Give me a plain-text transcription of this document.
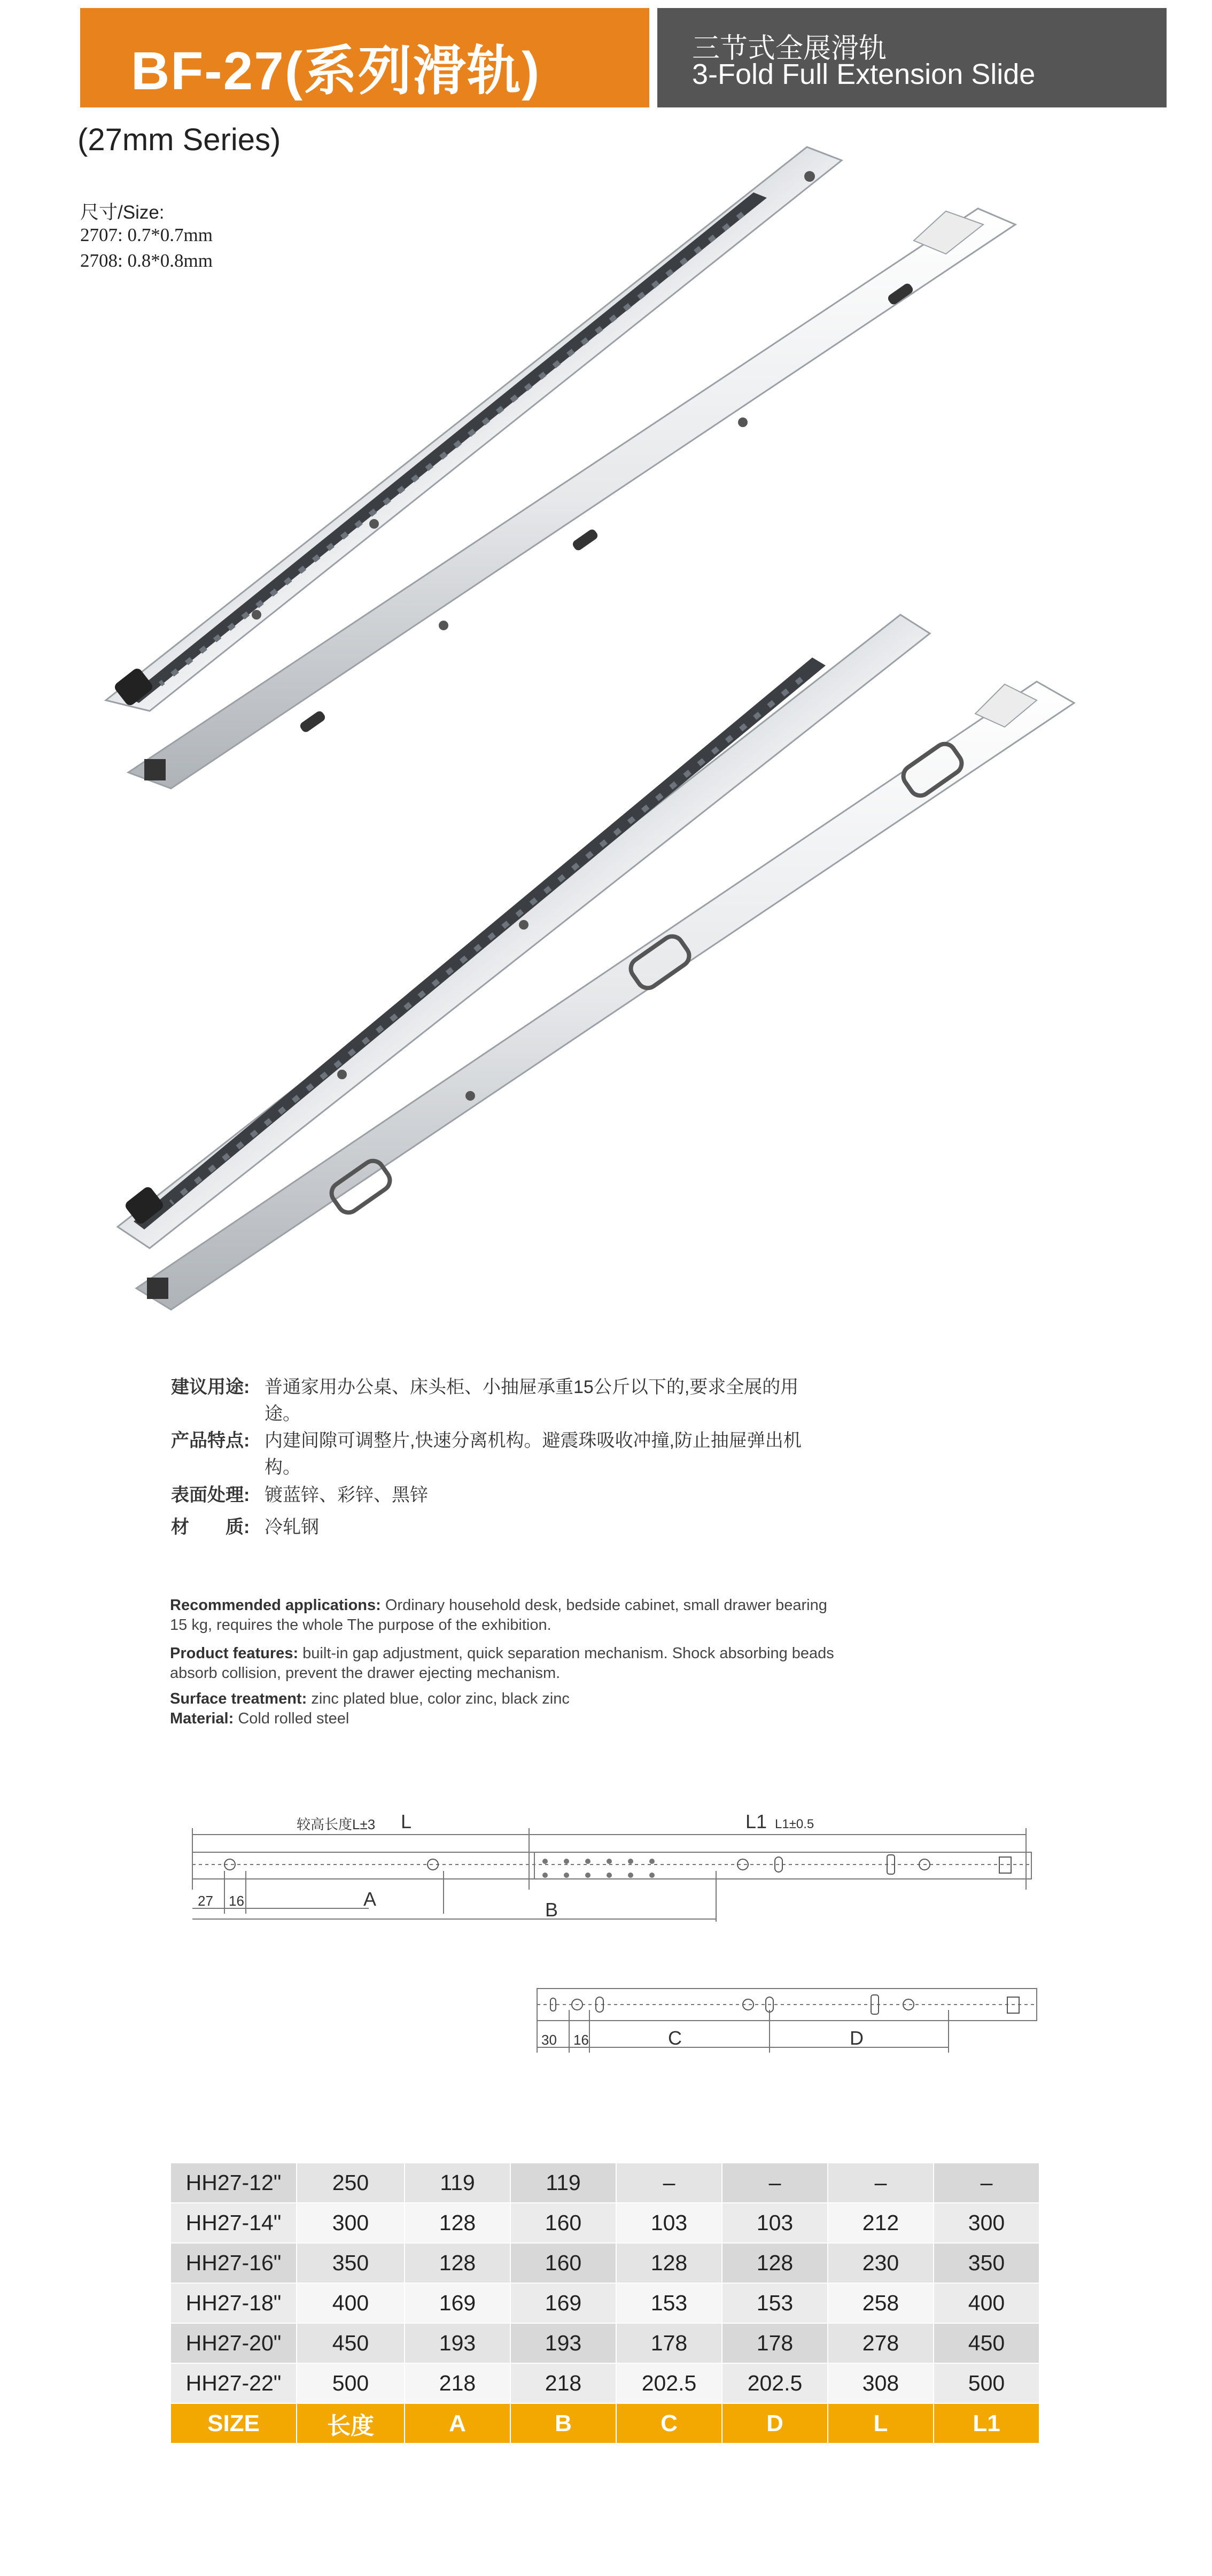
BF-27(系列滑轨)	三节式全展滑轨
3-Fold Full Extension Slide
(27mm Series)
尺寸/Size:
2707: 0.7*0.7mm
2708: 0.8*0.8mm
建议用途: 普通家用办公桌、床头柜、小抽屉承重15公斤以下的,要求全展的用途。
产品特点: 内建间隙可调整片,快速分离机构。避震珠吸收冲撞,防止抽屉弹出机构。
表面处理: 镀蓝锌、彩锌、黑锌
材　　质: 冷轧钢
Recommended applications: Ordinary household desk, bedside cabinet, small drawer bearing 15 kg, requires the whole The purpose of the exhibition.
Product features: built-in gap adjustment, quick separation mechanism. Shock absorbing beads absorb collision, prevent the drawer ejecting mechanism.
Surface treatment: zinc plated blue, color zinc, black zinc
Material: Cold rolled steel
较高长度L±3 L	L1 L1±0.5
27 16	A	B
30 16	C	D
HH27-12"	250	119	119	–	–	–	–
HH27-14"	300	128	160	103	103	212	300
HH27-16"	350	128	160	128	128	230	350
HH27-18"	400	169	169	153	153	258	400
HH27-20"	450	193	193	178	178	278	450
HH27-22"	500	218	218	202.5	202.5	308	500
SIZE	长度	A	B	C	D	L	L1
